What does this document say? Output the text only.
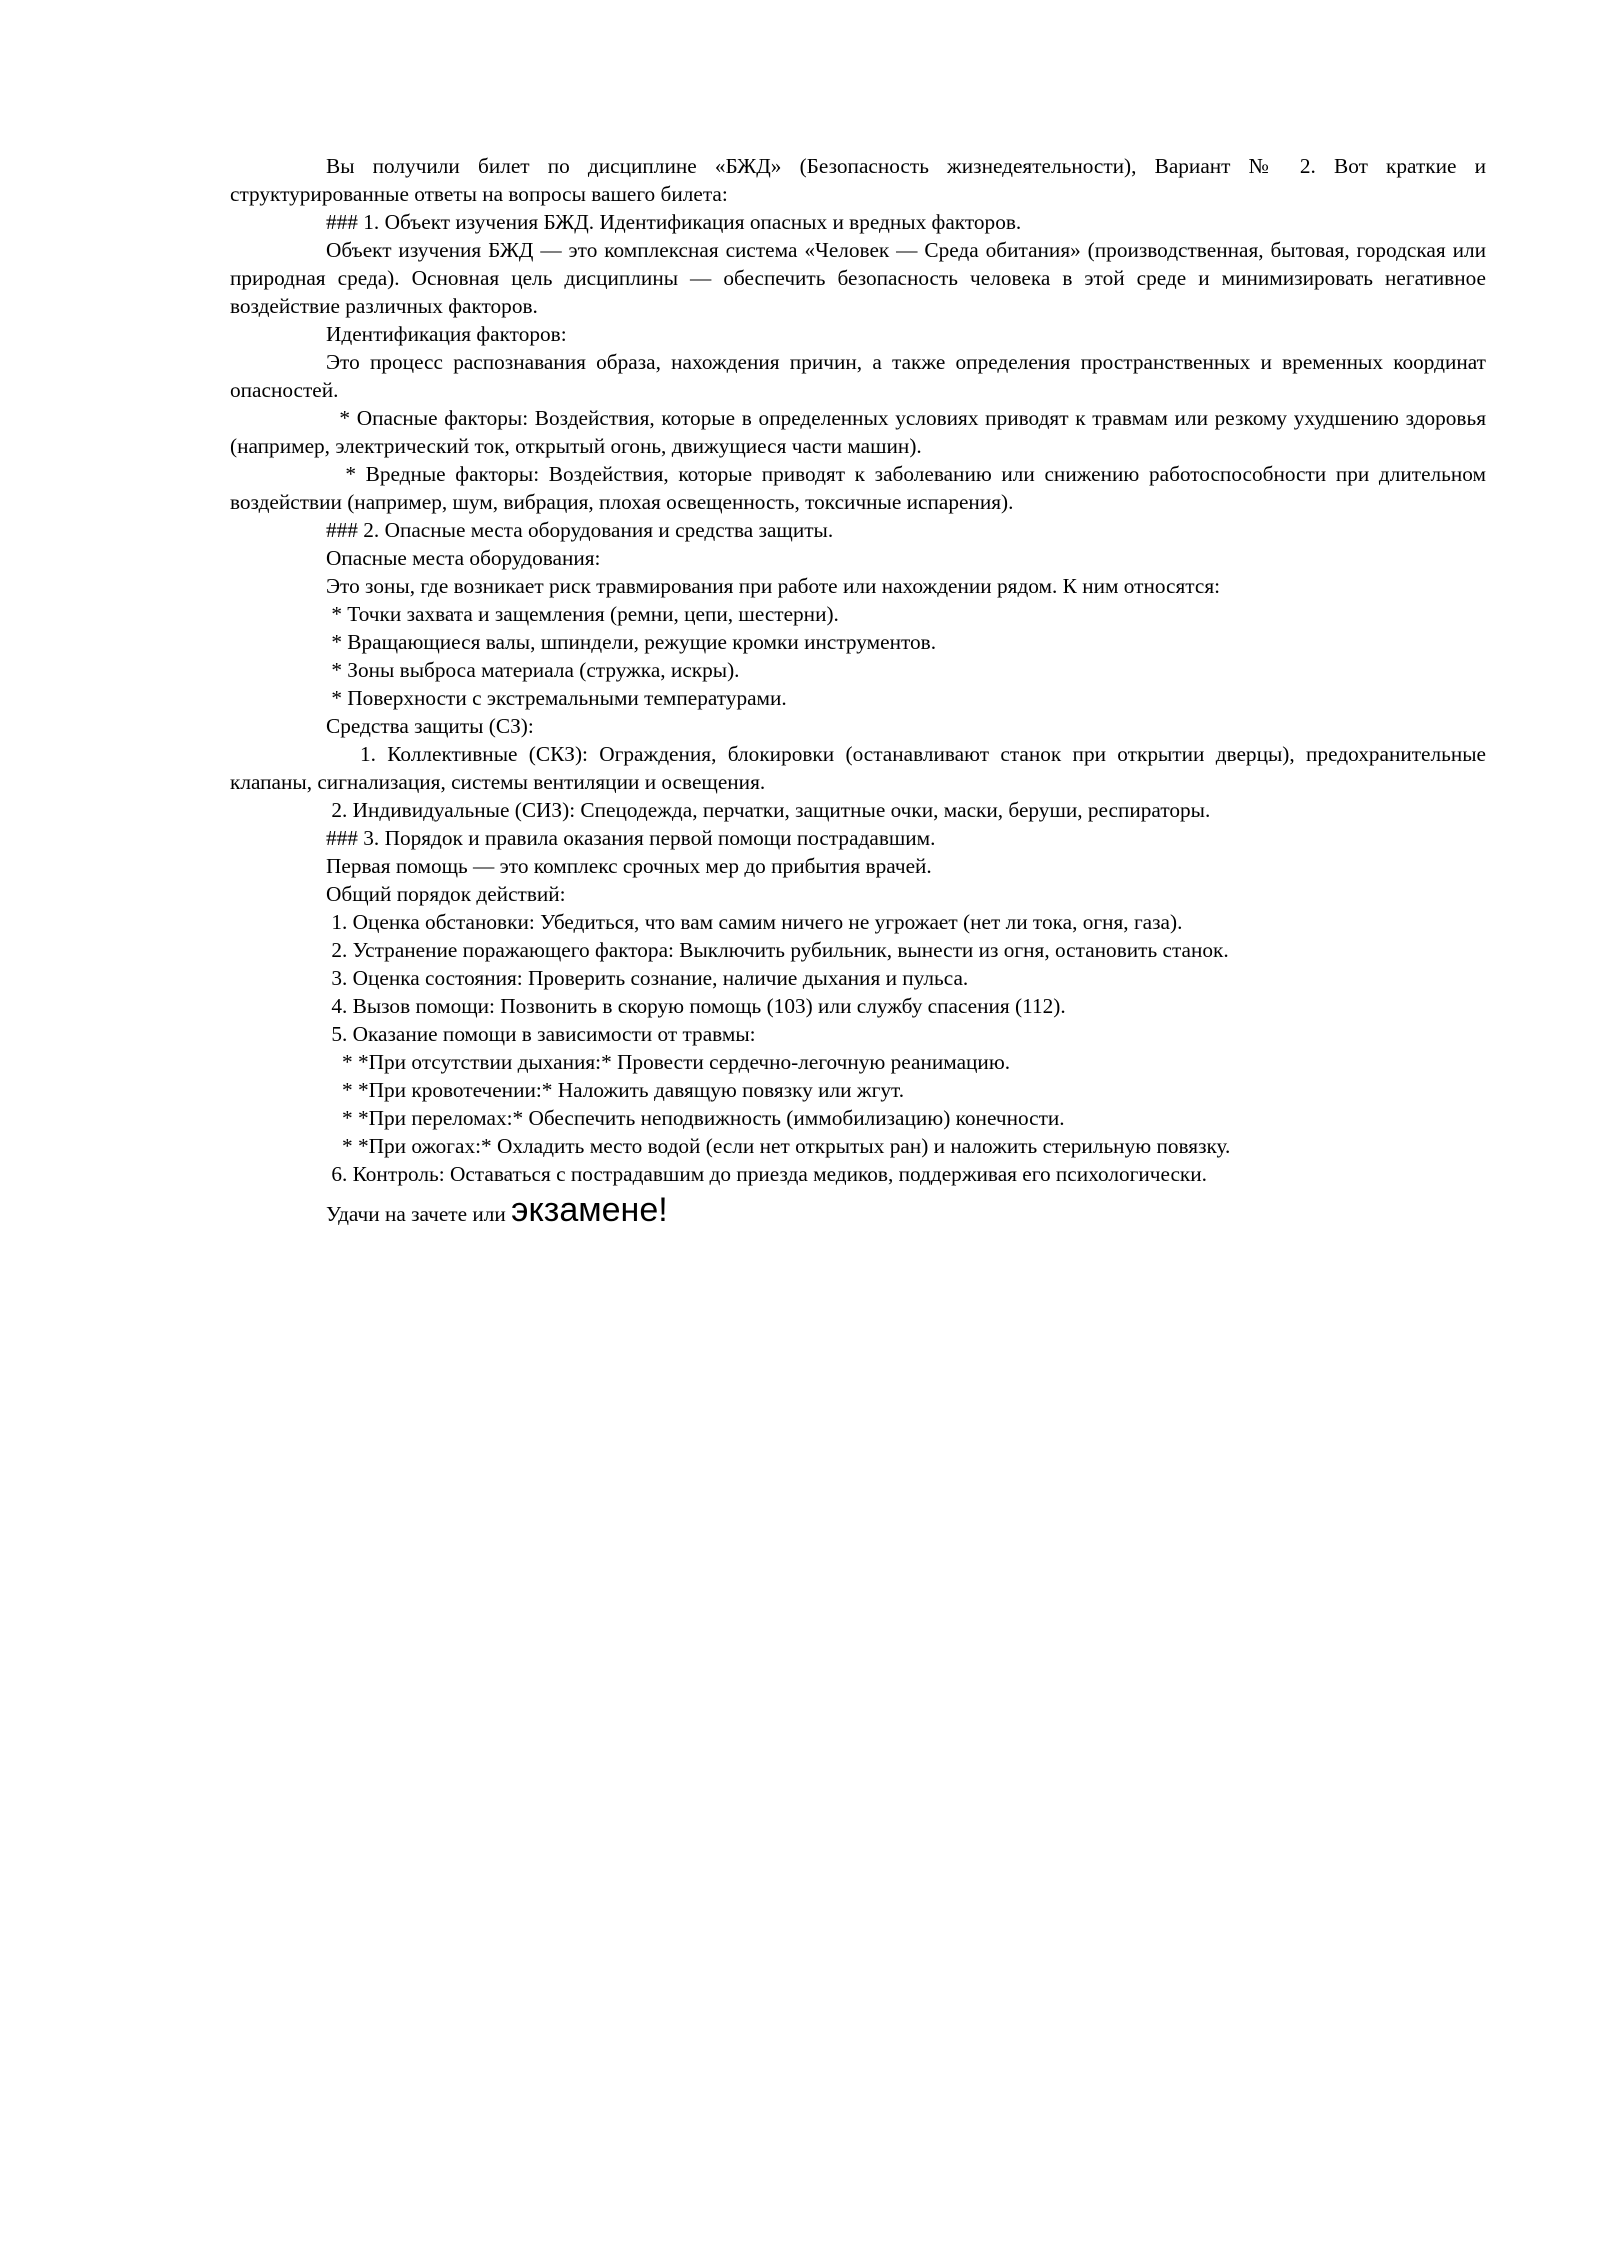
Вы получили билет по дисциплине «БЖД» (Безопасность жизнедеятельности), Вариант № 2. Вот краткие и структурированные ответы на вопросы вашего билета:

### 1. Объект изучения БЖД. Идентификация опасных и вредных факторов.

Объект изучения БЖД — это комплексная система «Человек — Среда обитания» (производственная, бытовая, городская или природная среда). Основная цель дисциплины — обеспечить безопасность человека в этой среде и минимизировать негативное воздействие различных факторов.

Идентификация факторов:

Это процесс распознавания образа, нахождения причин, а также определения пространственных и временных координат опасностей.

* Опасные факторы: Воздействия, которые в определенных условиях приводят к травмам или резкому ухудшению здоровья (например, электрический ток, открытый огонь, движущиеся части машин).

* Вредные факторы: Воздействия, которые приводят к заболеванию или снижению работоспособности при длительном воздействии (например, шум, вибрация, плохая освещенность, токсичные испарения).

### 2. Опасные места оборудования и средства защиты.

Опасные места оборудования:

Это зоны, где возникает риск травмирования при работе или нахождении рядом. К ним относятся:

* Точки захвата и защемления (ремни, цепи, шестерни).

* Вращающиеся валы, шпиндели, режущие кромки инструментов.

* Зоны выброса материала (стружка, искры).

* Поверхности с экстремальными температурами.

Средства защиты (СЗ):

1. Коллективные (СКЗ): Ограждения, блокировки (останавливают станок при открытии дверцы), предохранительные клапаны, сигнализация, системы вентиляции и освещения.

2. Индивидуальные (СИЗ): Спецодежда, перчатки, защитные очки, маски, беруши, респираторы.

### 3. Порядок и правила оказания первой помощи пострадавшим.

Первая помощь — это комплекс срочных мер до прибытия врачей.

Общий порядок действий:

1. Оценка обстановки: Убедиться, что вам самим ничего не угрожает (нет ли тока, огня, газа).

2. Устранение поражающего фактора: Выключить рубильник, вынести из огня, остановить станок.

3. Оценка состояния: Проверить сознание, наличие дыхания и пульса.

4. Вызов помощи: Позвонить в скорую помощь (103) или службу спасения (112).

5. Оказание помощи в зависимости от травмы:

* *При отсутствии дыхания:* Провести сердечно-легочную реанимацию.

* *При кровотечении:* Наложить давящую повязку или жгут.

* *При переломах:* Обеспечить неподвижность (иммобилизацию) конечности.

* *При ожогах:* Охладить место водой (если нет открытых ран) и наложить стерильную повязку.

6. Контроль: Оставаться с пострадавшим до приезда медиков, поддерживая его психологически.

Удачи на зачете или экзамене!
